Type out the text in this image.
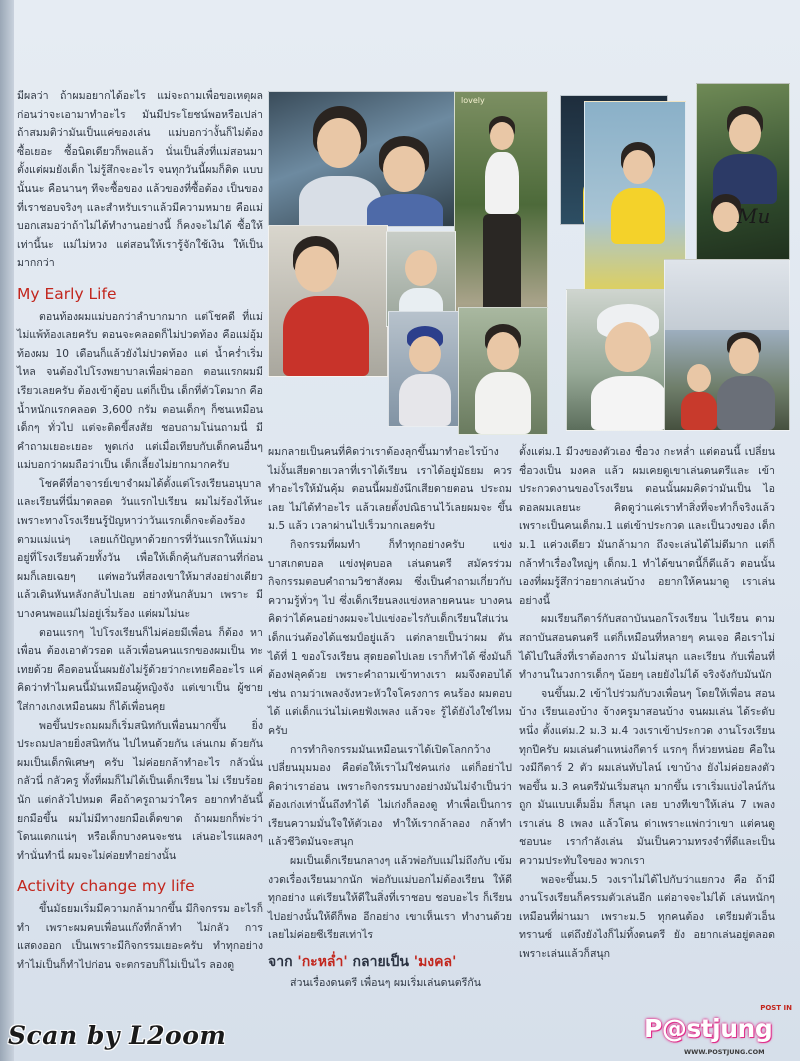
มีผลว่า ถ้าผมอยากได้อะไร แม่จะถามเพื่อขอเหตุผล ก่อนว่าจะเอามาทำอะไร มันมีประโยชน์พอหรือเปล่า ถ้าสมมติว่ามันเป็นแค่ของเล่น แม่บอกว่างั้นก็ไม่ต้อง ซื้อเยอะ ซื้อนิดเดียวก็พอแล้ว นั่นเป็นสิ่งที่แม่สอนมา ตั้งแต่ผมยังเด็ก ไม่รู้สึกจะอะไร จนทุกวันนี้ผมก็ติด แบบนั้นนะ คือนานๆ ทีจะซื้อของ แล้วของที่ซื้อต้อง เป็นของที่เราชอบจริงๆ และสำหรับเราแล้วมีความหมาย คือแม่บอกเสมอว่าถ้าไม่ได้ทำงานอย่างนี้ ก็คงจะไม่ได้ ซื้อให้เท่านี้นะ แม่ไม่หวง แต่สอนให้เรารู้จักใช้เงิน ให้เป็นมากกว่า

My Early Life

ตอนท้องผมแม่บอกว่าลำบากมาก แต่โชคดี ที่แม่ไม่แพ้ท้องเลยครับ ตอนจะคลอดก็ไม่ปวดท้อง คือแม่อุ้มท้องผม 10 เดือนก็แล้วยังไม่ปวดท้อง แต่ น้ำคร่ำเริ่มไหล จนต้องไปโรงพยาบาลเพื่อผ่าออก ตอนแรกผมมีเรียวเลยครับ ต้องเข้าตู้อบ แต่ก็เป็น เด็กที่ตัวโตมาก คือน้ำหนักแรกคลอด 3,600 กรัม ตอนเด็กๆ ก็ซนเหมือนเด็กๆ ทั่วไป แต่จะติดขี้สงสัย ชอบถามโน่นถามนี่ มีคำถามเยอะเยอะ พูดเก่ง แต่เมื่อเทียบกับเด็กคนอื่นๆ แม่บอกว่าผมถือว่าเป็น เด็กเลี้ยงไม่ยากมากครับ

โชคดีที่อาจารย์เขาจำผมได้ตั้งแต่โรงเรียนอนุบาล และเรียนที่นี่มาตลอด วันแรกไปเรียน ผมไม่ร้องไห้นะ เพราะทางโรงเรียนรู้ปัญหาว่าวันแรกเด็กจะต้องร้อง ตามแม่แน่ๆ เลยแก้ปัญหาด้วยการที่วันแรกให้แม่มา อยู่ที่โรงเรียนด้วยทั้งวัน เพื่อให้เด็กคุ้นกับสถานที่ก่อน ผมก็เลยเฉยๆ แต่พอวันที่สองเขาให้มาส่งอย่างเดียว แล้วเดินหันหลังกลับไปเลย อย่างหันกลับมา เพราะ มีบางคนพอแม่ไม่อยู่เริ่มร้อง แต่ผมไม่นะ

ตอนแรกๆ ไปโรงเรียนก็ไม่ค่อยมีเพื่อน ก็ต้อง หาเพื่อน ต้องเอาตัวรอด แล้วเพื่อนคนแรกของผมเป็น ทะเทยด้วย คือตอนนั้นผมยังไม่รู้ด้วยว่ากะเทยคืออะไร แค่คิดว่าทำไมคนนี้มันเหมือนผู้หญิงจัง แต่เขาเป็น ผู้ชาย ใส่กางเกงเหมือนผม ก็ได้เพื่อนคุย

พอขึ้นประถมผมก็เริ่มสนิทกับเพื่อนมากขึ้น ยิ่งประถมปลายยิ่งสนิทกัน ไปไหนด้วยกัน เล่นเกม ด้วยกัน ผมเป็นเด็กพิเศษๆ ครับ ไม่ค่อยกล้าทำอะไร กลัวนั่นกลัวนี่ กลัวครู ทั้งที่ผมก็ไม่ได้เป็นเด็กเรียน ไม่ เรียบร้อยนัก แต่กลัวไปหมด คือถ้าครูถามว่าใคร อยากทำอันนี้ยกมือขึ้น ผมไม่มีทางยกมือเด็ดขาด ถ้าผมยกก็พ่ะว่า โดนแตกแน่ๆ หรือเด็กบางคนจะชน เล่นอะไรแผลงๆ ทำนั่นทำนี่ ผมจะไม่ค่อยทำอย่างนั้น

Activity change my life

ขึ้นมัธยมเริ่มมีความกล้ามากขึ้น มีกิจกรรม อะไรก็ทำ เพราะผมคบเพื่อนแก๊งที่กล้าทำ ไม่กลัว การแสดงออก เป็นเพราะมีกิจกรรมเยอะครับ ทำทุกอย่าง ทำไม่เป็นก็ทำไปก่อน จะตกรอบก็ไม่เป็นไร ลองดู

lovely
Mu

ผมกลายเป็นคนที่คิดว่าเราต้องลุกขึ้นมาทำอะไรบ้าง ไม่งั้นเสียดายเวลาที่เราได้เรียน เราได้อยู่มัธยม ควรทำอะไรให้มันคุ้ม ตอนนี้ผมยังนึกเสียดายตอน ประถมเลย ไม่ได้ทำอะไร แล้วเลยตั้งปณิธานไว้เลยผมจะ ขึ้นม.5 แล้ว เวลาผ่านไปเร็วมากเลยครับ

กิจกรรมที่ผมทำ ก็ทำทุกอย่างครับ แข่ง บาสเกตบอล แข่งฟุตบอล เล่นดนตรี สมัครร่วม กิจกรรมตอบคำถามวิชาสังคม ซึ่งเป็นคำถามเกี่ยวกับ ความรู้ทั่วๆ ไป ซึ่งเด็กเรียนลงแข่งหลายคนนะ บางคน คิดว่าได้คนอย่างผมจะไปแข่งอะไรกับเด็กเรียนใส่แว่น เด็กแว่นต้องได้แชมป์อยู่แล้ว แต่กลายเป็นว่าผม ตันได้ที่ 1 ของโรงเรียน สุดยอดไปเลย เราก็ทำได้ ซึ่งมันก็ต้องฟลุคด้วย เพราะคำถามเข้าทางเรา ผมจึงตอบได้ เช่น ถามว่าเพลงจังหวะหัวใจโครงการ คนร้อง ผมตอบได้ แต่เด็กแว่นไม่เคยฟังเพลง แล้วจะ รู้ได้ยังไงใช่ไหมครับ

การทำกิจกรรมมันเหมือนเราได้เปิดโลกกว้าง เปลี่ยนมุมมอง คือต่อให้เราไม่ใช่คนเก่ง แต่ก็อย่าไป คิดว่าเราอ่อน เพราะกิจกรรมบางอย่างมันไม่จำเป็นว่า ต้องเก่งเท่านั้นถึงทำได้ ไม่เก่งก็ลองดู ทำเพื่อเป็นการ เรียนความมั่นใจให้ตัวเอง ทำให้เรากล้าลอง กล้าทำ แล้วชีวิตมันจะสนุก

ผมเป็นเด็กเรียนกลางๆ แล้วพ่อกับแม่ไม่ถึงกับ เข้มงวดเรื่องเรียนมากนัก พ่อกับแม่บอกไม่ต้องเรียน ให้ดีทุกอย่าง แต่เรียนให้ดีในสิ่งที่เราชอบ ชอบอะไร ก็เรียนไปอย่างนั้นให้ดีก็พอ อีกอย่าง เขาเห็นเรา ทำงานด้วย เลยไม่ค่อยซีเรียสเท่าไร

จาก 'กะหล่ำ' กลายเป็น 'มงคล'

ส่วนเรื่องดนตรี เพื่อนๆ ผมเริ่มเล่นดนตรีกัน

ตั้งแต่ม.1 มีวงของตัวเอง ชื่อวง กะหล่ำ แต่ตอนนี้ เปลี่ยนชื่อวงเป็น มงคล แล้ว ผมเคยดูเขาเล่นดนตรีและ เข้าประกวดงานของโรงเรียน ตอนนั้นผมคิดว่ามันเป็น ไอดอลผมเลยนะ คิดดูว่าแค่เราทำสิ่งที่จะทำก็จริงแล้ว เพราะเป็นคนเด็กม.1 แต่เข้าประกวด และเป็นวงของ เด็กม.1 แค่วงเดียว มันกล้ามาก ถึงจะเล่นได้ไม่ดีมาก แต่ก็กล้าทำเรื่องใหญ่ๆ เด็กม.1 ทำได้ขนาดนี้ก็ดีแล้ว ตอนนั้นเองที่ผมรู้สึกว่าอยากเล่นบ้าง อยากให้คนมาดู เราเล่นอย่างนี้

ผมเรียนกีตาร์กับสถาบันนอกโรงเรียน ไปเรียน ตามสถาบันสอนดนตรี แต่ก็เหมือนที่หลายๆ คนเจอ คือเราไม่ได้ไปในสิ่งที่เราต้องการ มันไม่สนุก และเรียน กับเพื่อนที่ทำงานในวงการเด็กๆ น้อยๆ เลยยังไม่ได้ จริงจังกับมันนัก

จนขึ้นม.2 เข้าไปร่วมกับวงเพื่อนๆ โดยให้เพื่อน สอนบ้าง เรียนเองบ้าง จ้างครูมาสอนบ้าง จนผมเล่น ได้ระดับหนึ่ง ตั้งแต่ม.2 ม.3 ม.4 วงเราเข้าประกวด งานโรงเรียนทุกปีครับ ผมเล่นตำแหน่งกีตาร์ แรกๆ ก็ห่วยหน่อย คือในวงมีกีตาร์ 2 ตัว ผมเล่นทับไลน์ เขาบ้าง ยังไม่ค่อยลงตัว พอขึ้น ม.3 คนตรีมันเริ่มสนุก มากขึ้น เราเริ่มแบ่งไลน์กันถูก มันแบบเต็มอิ่ม ก็สนุก เลย บางทีเขาให้เล่น 7 เพลง เราเล่น 8 เพลง แล้วโดน ด่าเพราะแพ่กว่าเขา แต่คนดูชอบนะ เรากำลังเล่น มันเป็นความทรงจำที่ดีและเป็นความประทับใจของ พวกเรา

พอจะขึ้นม.5 วงเราไม่ได้ไปกับว่าแยกวง คือ ถ้ามีงานโรงเรียนก็ครรมตัวเล่นอีก แต่อาจจะไม่ได้ เล่นหนักๆ เหมือนที่ผ่านมา เพราะม.5 ทุกคนต้อง เตรียมตัวเอ็นทรานซ์ แต่ถึงยังไงก็ไม่ทิ้งดนตรี ยัง อยากเล่นอยู่ตลอด เพราะเล่นแล้วก็สนุก

Scan by L2oom
POST IN
P@stjung
WWW.POSTJUNG.COM
